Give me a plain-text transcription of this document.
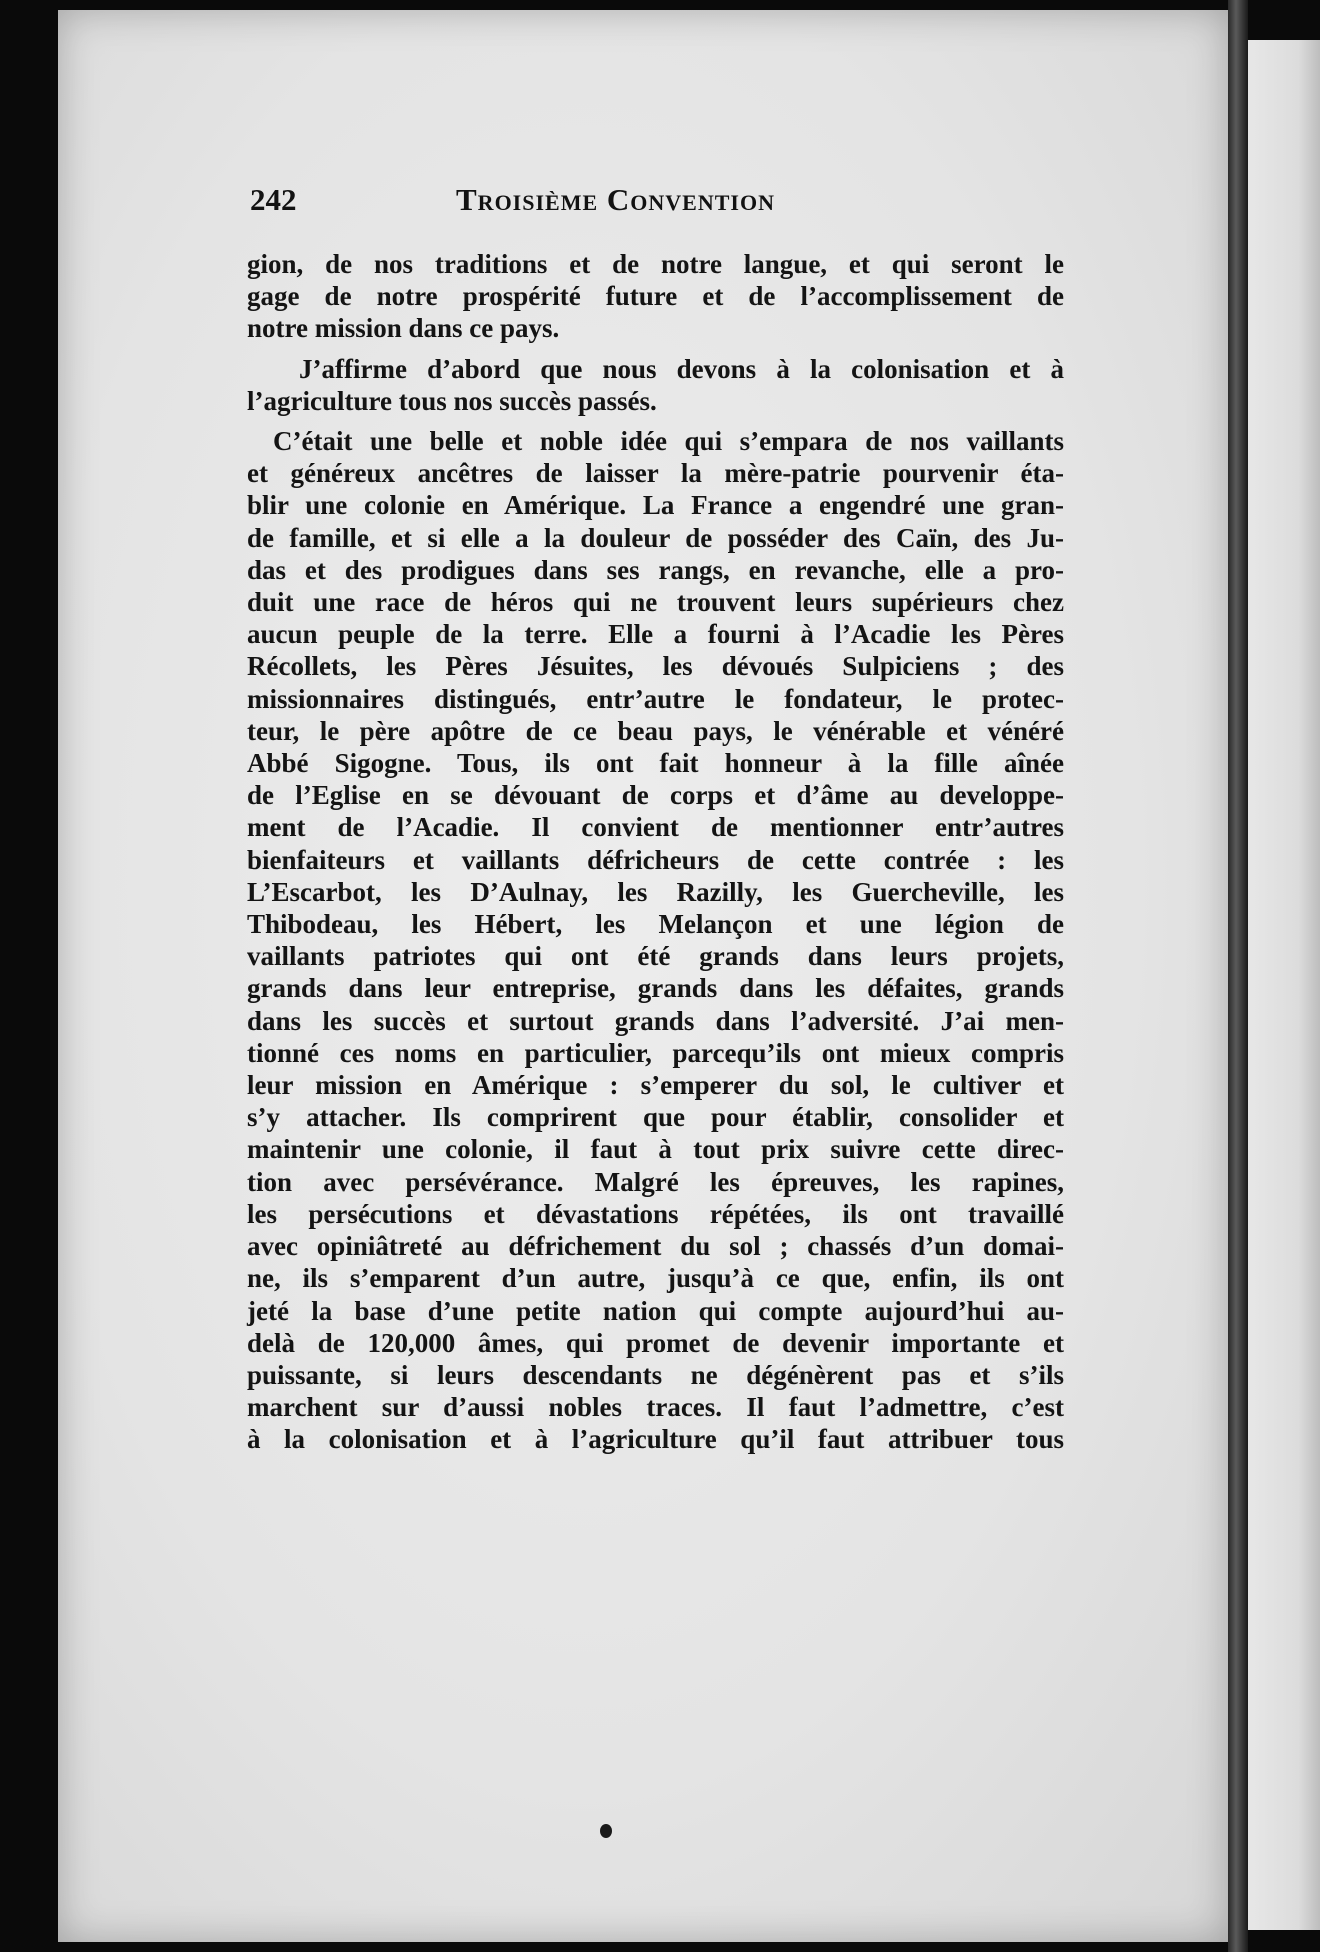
242	Troisième Convention

gion, de nos traditions et de notre langue, et qui seront le
gage de notre prospérité future et de l’accomplissement de
notre mission dans ce pays.

J’affirme d’abord que nous devons à la colonisation et à
l’agriculture tous nos succès passés.

C’était une belle et noble idée qui s’empara de nos vaillants
et généreux ancêtres de laisser la mère-patrie pourvenir éta-
blir une colonie en Amérique. La France a engendré une gran-
de famille, et si elle a la douleur de posséder des Caïn, des Ju-
das et des prodigues dans ses rangs, en revanche, elle a pro-
duit une race de héros qui ne trouvent leurs supérieurs chez
aucun peuple de la terre. Elle a fourni à l’Acadie les Pères
Récollets, les Pères Jésuites, les dévoués Sulpiciens ; des
missionnaires distingués, entr’autre le fondateur, le protec-
teur, le père apôtre de ce beau pays, le vénérable et vénéré
Abbé Sigogne. Tous, ils ont fait honneur à la fille aînée
de l’Eglise en se dévouant de corps et d’âme au developpe-
ment de l’Acadie. Il convient de mentionner entr’autres
bienfaiteurs et vaillants défricheurs de cette contrée : les
L’Escarbot, les D’Aulnay, les Razilly, les Guercheville, les
Thibodeau, les Hébert, les Melançon et une légion de
vaillants patriotes qui ont été grands dans leurs projets,
grands dans leur entreprise, grands dans les défaites, grands
dans les succès et surtout grands dans l’adversité. J’ai men-
tionné ces noms en particulier, parcequ’ils ont mieux compris
leur mission en Amérique : s’emperer du sol, le cultiver et
s’y attacher. Ils comprirent que pour établir, consolider et
maintenir une colonie, il faut à tout prix suivre cette direc-
tion avec persévérance. Malgré les épreuves, les rapines,
les persécutions et dévastations répétées, ils ont travaillé
avec opiniâtreté au défrichement du sol ; chassés d’un domai-
ne, ils s’emparent d’un autre, jusqu’à ce que, enfin, ils ont
jeté la base d’une petite nation qui compte aujourd’hui au-
delà de 120,000 âmes, qui promet de devenir importante et
puissante, si leurs descendants ne dégénèrent pas et s’ils
marchent sur d’aussi nobles traces. Il faut l’admettre, c’est
à la colonisation et à l’agriculture qu’il faut attribuer tous
